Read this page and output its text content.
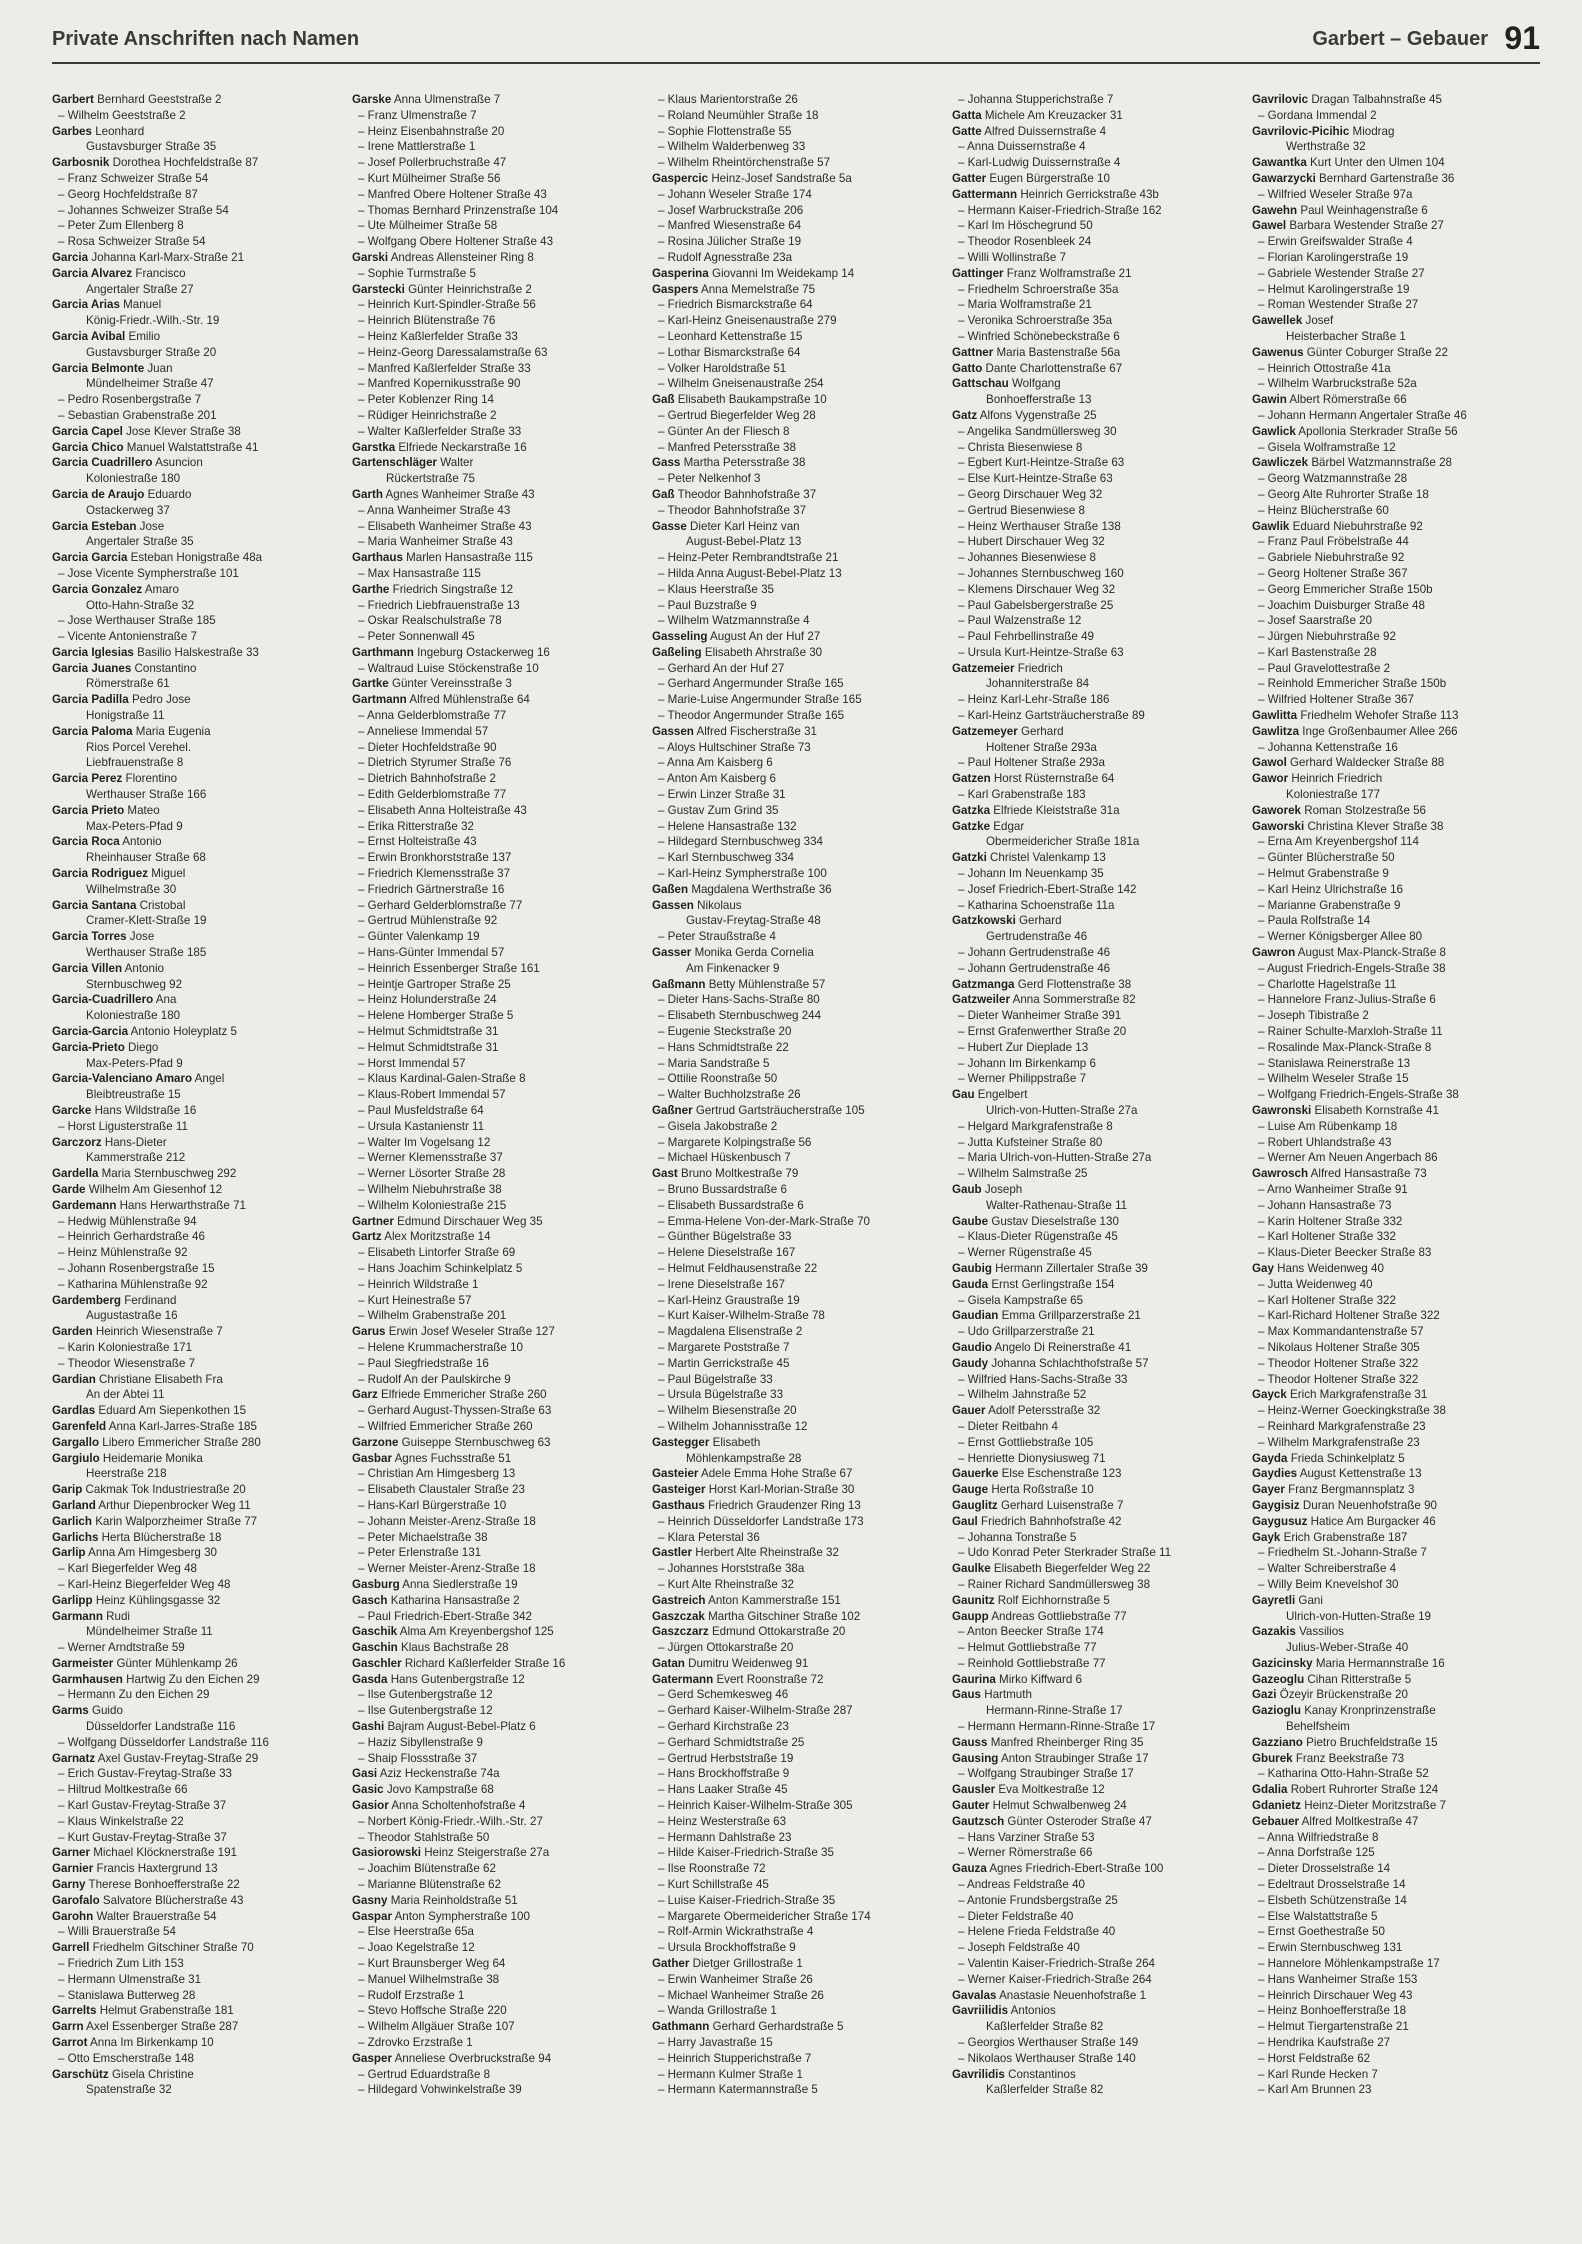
Private Anschriften nach Namen	Garbert – Gebauer 91
Garbert Bernhard Geeststraße 2
– Wilhelm Geeststraße 2
Garbes Leonhard
Gustavsburger Straße 35
Garbosnik Dorothea Hochfeldstraße 87
– Franz Schweizer Straße 54
– Georg Hochfeldstraße 87
– Johannes Schweizer Straße 54
– Peter Zum Ellenberg 8
– Rosa Schweizer Straße 54
Garcia Johanna Karl-Marx-Straße 21
Garcia Alvarez Francisco
Angertaler Straße 27
Garcia Arias Manuel
König-Friedr.-Wilh.-Str. 19
Garcia Avibal Emilio
Gustavsburger Straße 20
Garcia Belmonte Juan
Mündelheimer Straße 47
– Pedro Rosenbergstraße 7
– Sebastian Grabenstraße 201
Garcia Capel Jose Klever Straße 38
Garcia Chico Manuel Walstattstraße 41
Garcia Cuadrillero Asuncion
Koloniestraße 180
Garcia de Araujo Eduardo
Ostackerweg 37
Garcia Esteban Jose
Angertaler Straße 35
Garcia Garcia Esteban Honigstraße 48a
– Jose Vicente Sympherstraße 101
Garcia Gonzalez Amaro
Otto-Hahn-Straße 32
– Jose Werthauser Straße 185
– Vicente Antonienstraße 7
Garcia Iglesias Basilio Halskestraße 33
Garcia Juanes Constantino
Römerstraße 61
Garcia Padilla Pedro Jose
Honigstraße 11
Garcia Paloma Maria Eugenia
Rios Porcel Verehel.
Liebfrauenstraße 8
Garcia Perez Florentino
Werthauser Straße 166
Garcia Prieto Mateo
Max-Peters-Pfad 9
Garcia Roca Antonio
Rheinhauser Straße 68
Garcia Rodriguez Miguel
Wilhelmstraße 30
Garcia Santana Cristobal
Cramer-Klett-Straße 19
Garcia Torres Jose
Werthauser Straße 185
Garcia Villen Antonio
Sternbuschweg 92
Garcia-Cuadrillero Ana
Koloniestraße 180
Garcia-Garcia Antonio Holeyplatz 5
Garcia-Prieto Diego
Max-Peters-Pfad 9
Garcia-Valenciano Amaro Angel
Bleibtreustraße 15
Garcke Hans Wildstraße 16
– Horst Ligusterstraße 11
Garczorz Hans-Dieter
Kammerstraße 212
Gardella Maria Sternbuschweg 292
Garde Wilhelm Am Giesenhof 12
Gardemann Hans Herwarthstraße 71
– Hedwig Mühlenstraße 94
– Heinrich Gerhardstraße 46
– Heinz Mühlenstraße 92
– Johann Rosenbergstraße 15
– Katharina Mühlenstraße 92
Gardemberg Ferdinand
Augustastraße 16
Garden Heinrich Wiesenstraße 7
– Karin Koloniestraße 171
– Theodor Wiesenstraße 7
Gardian Christiane Elisabeth Fra
An der Abtei 11
Gardlas Eduard Am Siepenkothen 15
Garenfeld Anna Karl-Jarres-Straße 185
Gargallo Libero Emmericher Straße 280
Gargiulo Heidemarie Monika
Heerstraße 218
Garip Cakmak Tok Industriestraße 20
Garland Arthur Diepenbrocker Weg 11
Garlich Karin Walporzheimer Straße 77
Garlichs Herta Blücherstraße 18
Garlip Anna Am Himgesberg 30
– Karl Biegerfelder Weg 48
– Karl-Heinz Biegerfelder Weg 48
Garlipp Heinz Kühlingsgasse 32
Garmann Rudi
Mündelheimer Straße 11
– Werner Arndtstraße 59
Garmeister Günter Mühlenkamp 26
Garmhausen Hartwig Zu den Eichen 29
– Hermann Zu den Eichen 29
Garms Guido
Düsseldorfer Landstraße 116
– Wolfgang Düsseldorfer Landstraße 116
Garnatz Axel Gustav-Freytag-Straße 29
– Erich Gustav-Freytag-Straße 33
– Hiltrud Moltkestraße 66
– Karl Gustav-Freytag-Straße 37
– Klaus Winkelstraße 22
– Kurt Gustav-Freytag-Straße 37
Garner Michael Klöcknerstraße 191
Garnier Francis Haxtergrund 13
Garny Therese Bonhoefferstraße 22
Garofalo Salvatore Blücherstraße 43
Garohn Walter Brauerstraße 54
– Willi Brauerstraße 54
Garrell Friedhelm Gitschiner Straße 70
– Friedrich Zum Lith 153
– Hermann Ulmenstraße 31
– Stanislawa Butterweg 28
Garrelts Helmut Grabenstraße 181
Garrn Axel Essenberger Straße 287
Garrot Anna Im Birkenkamp 10
– Otto Emscherstraße 148
Garschütz Gisela Christine
Spatenstraße 32
Garske Anna Ulmenstraße 7
– Franz Ulmenstraße 7
– Heinz Eisenbahnstraße 20
– Irene Mattlerstraße 1
– Josef Pollerbruchstraße 47
– Kurt Mülheimer Straße 56
– Manfred Obere Holtener Straße 43
– Thomas Bernhard Prinzenstraße 104
– Ute Mülheimer Straße 58
– Wolfgang Obere Holtener Straße 43
Garski Andreas Allensteiner Ring 8
– Sophie Turmstraße 5
Garstecki Günter Heinrichstraße 2
– Heinrich Kurt-Spindler-Straße 56
– Heinrich Blütenstraße 76
– Heinz Kaßlerfelder Straße 33
– Heinz-Georg Daressalamstraße 63
– Manfred Kaßlerfelder Straße 33
– Manfred Kopernikusstraße 90
– Peter Koblenzer Ring 14
– Rüdiger Heinrichstraße 2
– Walter Kaßlerfelder Straße 33
Garstka Elfriede Neckarstraße 16
Gartenschläger Walter
Rückertstraße 75
Garth Agnes Wanheimer Straße 43
– Anna Wanheimer Straße 43
– Elisabeth Wanheimer Straße 43
– Maria Wanheimer Straße 43
Garthaus Marlen Hansastraße 115
– Max Hansastraße 115
Garthe Friedrich Singstraße 12
– Friedrich Liebfrauenstraße 13
– Oskar Realschulstraße 78
– Peter Sonnenwall 45
Garthmann Ingeburg Ostackerweg 16
– Waltraud Luise Stöckenstraße 10
Gartke Günter Vereinsstraße 3
Gartmann Alfred Mühlenstraße 64
– Anna Gelderblomstraße 77
– Anneliese Immendal 57
– Dieter Hochfeldstraße 90
– Dietrich Styrumer Straße 76
– Dietrich Bahnhofstraße 2
– Edith Gelderblomstraße 77
– Elisabeth Anna Holteistraße 43
– Erika Ritterstraße 32
– Ernst Holteistraße 43
– Erwin Bronkhorststraße 137
– Friedrich Klemensstraße 37
– Friedrich Gärtnerstraße 16
– Gerhard Gelderblomstraße 77
– Gertrud Mühlenstraße 92
– Günter Valenkamp 19
– Hans-Günter Immendal 57
– Heinrich Essenberger Straße 161
– Heintje Gartroper Straße 25
– Heinz Holunderstraße 24
– Helene Homberger Straße 5
– Helmut Schmidtstraße 31
– Helmut Schmidtstraße 31
– Horst Immendal 57
– Klaus Kardinal-Galen-Straße 8
– Klaus-Robert Immendal 57
– Paul Musfeldstraße 64
– Ursula Kastanienstr 11
– Walter Im Vogelsang 12
– Werner Klemensstraße 37
– Werner Lösorter Straße 28
– Wilhelm Niebuhrstraße 38
– Wilhelm Koloniestraße 215
Gartner Edmund Dirschauer Weg 35
Gartz Alex Moritzstraße 14
– Elisabeth Lintorfer Straße 69
– Hans Joachim Schinkelplatz 5
– Heinrich Wildstraße 1
– Kurt Heinestraße 57
– Wilhelm Grabenstraße 201
Garus Erwin Josef Weseler Straße 127
– Helene Krummacherstraße 10
– Paul Siegfriedstraße 16
– Rudolf An der Paulskirche 9
Garz Elfriede Emmericher Straße 260
– Gerhard August-Thyssen-Straße 63
– Wilfried Emmericher Straße 260
Garzone Guiseppe Sternbuschweg 63
Gasbar Agnes Fuchsstraße 51
– Christian Am Himgesberg 13
– Elisabeth Claustaler Straße 23
– Hans-Karl Bürgerstraße 10
– Johann Meister-Arenz-Straße 18
– Peter Michaelstraße 38
– Peter Erlenstraße 131
– Werner Meister-Arenz-Straße 18
Gasburg Anna Siedlerstraße 19
Gasch Katharina Hansastraße 2
– Paul Friedrich-Ebert-Straße 342
Gaschik Alma Am Kreyenbergshof 125
Gaschin Klaus Bachstraße 28
Gaschler Richard Kaßlerfelder Straße 16
Gasda Hans Gutenbergstraße 12
– Ilse Gutenbergstraße 12
– Ilse Gutenbergstraße 12
Gashi Bajram August-Bebel-Platz 6
– Haziz Sibyllenstraße 9
– Shaip Flossstraße 37
Gasi Aziz Heckenstraße 74a
Gasic Jovo Kampstraße 68
Gasior Anna Scholtenhofstraße 4
– Norbert König-Friedr.-Wilh.-Str. 27
– Theodor Stahlstraße 50
Gasiorowski Heinz Steigerstraße 27a
– Joachim Blütenstraße 62
– Marianne Blütenstraße 62
Gasny Maria Reinholdstraße 51
Gaspar Anton Sympherstraße 100
– Else Heerstraße 65a
– Joao Kegelstraße 12
– Kurt Braunsberger Weg 64
– Manuel Wilhelmstraße 38
– Rudolf Erzstraße 1
– Stevo Hoffsche Straße 220
– Wilhelm Allgäuer Straße 107
– Zdrovko Erzstraße 1
Gasper Anneliese Overbruckstraße 94
– Gertrud Eduardstraße 8
– Hildegard Vohwinkelstraße 39
– Klaus Marientorstraße 26
– Roland Neumühler Straße 18
– Sophie Flottenstraße 55
– Wilhelm Walderbenweg 33
– Wilhelm Rheintörchenstraße 57
Gaspercic Heinz-Josef Sandstraße 5a
– Johann Weseler Straße 174
– Josef Warbruckstraße 206
– Manfred Wiesenstraße 64
– Rosina Jülicher Straße 19
– Rudolf Agnesstraße 23a
Gasperina Giovanni Im Weidekamp 14
Gaspers Anna Memelstraße 75
– Friedrich Bismarckstraße 64
– Karl-Heinz Gneisenaustraße 279
– Leonhard Kettenstraße 15
– Lothar Bismarckstraße 64
– Volker Haroldstraße 51
– Wilhelm Gneisenaustraße 254
Gaß Elisabeth Baukampstraße 10
– Gertrud Biegerfelder Weg 28
– Günter An der Fliesch 8
– Manfred Petersstraße 38
Gass Martha Petersstraße 38
– Peter Nelkenhof 3
Gaß Theodor Bahnhofstraße 37
– Theodor Bahnhofstraße 37
Gasse Dieter Karl Heinz van
August-Bebel-Platz 13
– Heinz-Peter Rembrandtstraße 21
– Hilda Anna August-Bebel-Platz 13
– Klaus Heerstraße 35
– Paul Buzstraße 9
– Wilhelm Watzmannstraße 4
Gasseling August An der Huf 27
Gaßeling Elisabeth Ahrstraße 30
– Gerhard An der Huf 27
– Gerhard Angermunder Straße 165
– Marie-Luise Angermunder Straße 165
– Theodor Angermunder Straße 165
Gassen Alfred Fischerstraße 31
– Aloys Hultschiner Straße 73
– Anna Am Kaisberg 6
– Anton Am Kaisberg 6
– Erwin Linzer Straße 31
– Gustav Zum Grind 35
– Helene Hansastraße 132
– Hildegard Sternbuschweg 334
– Karl Sternbuschweg 334
– Karl-Heinz Sympherstraße 100
Gaßen Magdalena Werthstraße 36
Gassen Nikolaus
Gustav-Freytag-Straße 48
– Peter Straußstraße 4
Gasser Monika Gerda Cornelia
Am Finkenacker 9
Gaßmann Betty Mühlenstraße 57
– Dieter Hans-Sachs-Straße 80
– Elisabeth Sternbuschweg 244
– Eugenie Steckstraße 20
– Hans Schmidtstraße 22
– Maria Sandstraße 5
– Ottilie Roonstraße 50
– Walter Buchholzstraße 26
Gaßner Gertrud Gartsträucherstraße 105
– Gisela Jakobstraße 2
– Margarete Kolpingstraße 56
– Michael Hüskenbusch 7
Gast Bruno Moltkestraße 79
– Bruno Bussardstraße 6
– Elisabeth Bussardstraße 6
– Emma-Helene Von-der-Mark-Straße 70
– Günther Bügelstraße 33
– Helene Dieselstraße 167
– Helmut Feldhausenstraße 22
– Irene Dieselstraße 167
– Karl-Heinz Graustraße 19
– Kurt Kaiser-Wilhelm-Straße 78
– Magdalena Elisenstraße 2
– Margarete Poststraße 7
– Martin Gerrickstraße 45
– Paul Bügelstraße 33
– Ursula Bügelstraße 33
– Wilhelm Biesenstraße 20
– Wilhelm Johannisstraße 12
Gastegger Elisabeth
Möhlenkampstraße 28
Gasteier Adele Emma Hohe Straße 67
Gasteiger Horst Karl-Morian-Straße 30
Gasthaus Friedrich Graudenzer Ring 13
– Heinrich Düsseldorfer Landstraße 173
– Klara Peterstal 36
Gastler Herbert Alte Rheinstraße 32
– Johannes Horststraße 38a
– Kurt Alte Rheinstraße 32
Gastreich Anton Kammerstraße 151
Gaszczak Martha Gitschiner Straße 102
Gaszczarz Edmund Ottokarstraße 20
– Jürgen Ottokarstraße 20
Gatan Dumitru Weidenweg 91
Gatermann Evert Roonstraße 72
– Gerd Schemkesweg 46
– Gerhard Kaiser-Wilhelm-Straße 287
– Gerhard Kirchstraße 23
– Gerhard Schmidtstraße 25
– Gertrud Herbststraße 19
– Hans Brockhoffstraße 9
– Hans Laaker Straße 45
– Heinrich Kaiser-Wilhelm-Straße 305
– Heinz Westerstraße 63
– Hermann Dahlstraße 23
– Hilde Kaiser-Friedrich-Straße 35
– Ilse Roonstraße 72
– Kurt Schillstraße 45
– Luise Kaiser-Friedrich-Straße 35
– Margarete Obermeidericher Straße 174
– Rolf-Armin Wickrathstraße 4
– Ursula Brockhoffstraße 9
Gather Dietger Grillostraße 1
– Erwin Wanheimer Straße 26
– Michael Wanheimer Straße 26
– Wanda Grillostraße 1
Gathmann Gerhard Gerhardstraße 5
– Harry Javastraße 15
– Heinrich Stupperichstraße 7
– Hermann Kulmer Straße 1
– Hermann Katermannstraße 5
– Johanna Stupperichstraße 7
Gatta Michele Am Kreuzacker 31
Gatte Alfred Duissernstraße 4
– Anna Duissernstraße 4
– Karl-Ludwig Duissernstraße 4
Gatter Eugen Bürgerstraße 10
Gattermann Heinrich Gerrickstraße 43b
– Hermann Kaiser-Friedrich-Straße 162
– Karl Im Höschegrund 50
– Theodor Rosenbleek 24
– Willi Wollinstraße 7
Gattinger Franz Wolframstraße 21
– Friedhelm Schroerstraße 35a
– Maria Wolframstraße 21
– Veronika Schroerstraße 35a
– Winfried Schönebeckstraße 6
Gattner Maria Bastenstraße 56a
Gatto Dante Charlottenstraße 67
Gattschau Wolfgang
Bonhoefferstraße 13
Gatz Alfons Vygenstraße 25
– Angelika Sandmüllersweg 30
– Christa Biesenwiese 8
– Egbert Kurt-Heintze-Straße 63
– Else Kurt-Heintze-Straße 63
– Georg Dirschauer Weg 32
– Gertrud Biesenwiese 8
– Heinz Werthauser Straße 138
– Hubert Dirschauer Weg 32
– Johannes Biesenwiese 8
– Johannes Sternbuschweg 160
– Klemens Dirschauer Weg 32
– Paul Gabelsbergerstraße 25
– Paul Walzenstraße 12
– Paul Fehrbellinstraße 49
– Ursula Kurt-Heintze-Straße 63
Gatzemeier Friedrich
Johanniterstraße 84
– Heinz Karl-Lehr-Straße 186
– Karl-Heinz Gartsträucherstraße 89
Gatzemeyer Gerhard
Holtener Straße 293a
– Paul Holtener Straße 293a
Gatzen Horst Rüsternstraße 64
– Karl Grabenstraße 183
Gatzka Elfriede Kleiststraße 31a
Gatzke Edgar
Obermeidericher Straße 181a
Gatzki Christel Valenkamp 13
– Johann Im Neuenkamp 35
– Josef Friedrich-Ebert-Straße 142
– Katharina Schoenstraße 11a
Gatzkowski Gerhard
Gertrudenstraße 46
– Johann Gertrudenstraße 46
– Johann Gertrudenstraße 46
Gatzmanga Gerd Flottenstraße 38
Gatzweiler Anna Sommerstraße 82
– Dieter Wanheimer Straße 391
– Ernst Grafenwerther Straße 20
– Hubert Zur Dieplade 13
– Johann Im Birkenkamp 6
– Werner Philippstraße 7
Gau Engelbert
Ulrich-von-Hutten-Straße 27a
– Helgard Markgrafenstraße 8
– Jutta Kufsteiner Straße 80
– Maria Ulrich-von-Hutten-Straße 27a
– Wilhelm Salmstraße 25
Gaub Joseph
Walter-Rathenau-Straße 11
Gaube Gustav Dieselstraße 130
– Klaus-Dieter Rügenstraße 45
– Werner Rügenstraße 45
Gaubig Hermann Zillertaler Straße 39
Gauda Ernst Gerlingstraße 154
– Gisela Kampstraße 65
Gaudian Emma Grillparzerstraße 21
– Udo Grillparzerstraße 21
Gaudio Angelo Di Reinerstraße 41
Gaudy Johanna Schlachthofstraße 57
– Wilfried Hans-Sachs-Straße 33
– Wilhelm Jahnstraße 52
Gauer Adolf Petersstraße 32
– Dieter Reitbahn 4
– Ernst Gottliebstraße 105
– Henriette Dionysiusweg 71
Gauerke Else Eschenstraße 123
Gauge Herta Roßstraße 10
Gauglitz Gerhard Luisenstraße 7
Gaul Friedrich Bahnhofstraße 42
– Johanna Tonstraße 5
– Udo Konrad Peter Sterkrader Straße 11
Gaulke Elisabeth Biegerfelder Weg 22
– Rainer Richard Sandmüllersweg 38
Gaunitz Rolf Eichhornstraße 5
Gaupp Andreas Gottliebstraße 77
– Anton Beecker Straße 174
– Helmut Gottliebstraße 77
– Reinhold Gottliebstraße 77
Gaurina Mirko Kiffward 6
Gaus Hartmuth
Hermann-Rinne-Straße 17
– Hermann Hermann-Rinne-Straße 17
Gauss Manfred Rheinberger Ring 35
Gausing Anton Straubinger Straße 17
– Wolfgang Straubinger Straße 17
Gausler Eva Moltkestraße 12
Gauter Helmut Schwalbenweg 24
Gautzsch Günter Osteroder Straße 47
– Hans Varziner Straße 53
– Werner Römerstraße 66
Gauza Agnes Friedrich-Ebert-Straße 100
– Andreas Feldstraße 40
– Antonie Frundsbergstraße 25
– Dieter Feldstraße 40
– Helene Frieda Feldstraße 40
– Joseph Feldstraße 40
– Valentin Kaiser-Friedrich-Straße 264
– Werner Kaiser-Friedrich-Straße 264
Gavalas Anastasie Neuenhofstraße 1
Gavriilidis Antonios
Kaßlerfelder Straße 82
– Georgios Werthauser Straße 149
– Nikolaos Werthauser Straße 140
Gavrilidis Constantinos
Kaßlerfelder Straße 82
Gavrilovic Dragan Talbahnstraße 45
– Gordana Immendal 2
Gavrilovic-Picihic Miodrag
Werthstraße 32
Gawantka Kurt Unter den Ulmen 104
Gawarzycki Bernhard Gartenstraße 36
– Wilfried Weseler Straße 97a
Gawehn Paul Weinhagenstraße 6
Gawel Barbara Westender Straße 27
– Erwin Greifswalder Straße 4
– Florian Karolingerstraße 19
– Gabriele Westender Straße 27
– Helmut Karolingerstraße 19
– Roman Westender Straße 27
Gawellek Josef
Heisterbacher Straße 1
Gawenus Günter Coburger Straße 22
– Heinrich Ottostraße 41a
– Wilhelm Warbruckstraße 52a
Gawin Albert Römerstraße 66
– Johann Hermann Angertaler Straße 46
Gawlick Apollonia Sterkrader Straße 56
– Gisela Wolframstraße 12
Gawliczek Bärbel Watzmannstraße 28
– Georg Watzmannstraße 28
– Georg Alte Ruhrorter Straße 18
– Heinz Blücherstraße 60
Gawlik Eduard Niebuhrstraße 92
– Franz Paul Fröbelstraße 44
– Gabriele Niebuhrstraße 92
– Georg Holtener Straße 367
– Georg Emmericher Straße 150b
– Joachim Duisburger Straße 48
– Josef Saarstraße 20
– Jürgen Niebuhrstraße 92
– Karl Bastenstraße 28
– Paul Gravelottestraße 2
– Reinhold Emmericher Straße 150b
– Wilfried Holtener Straße 367
Gawlitta Friedhelm Wehofer Straße 113
Gawlitza Inge Großenbaumer Allee 266
– Johanna Kettenstraße 16
Gawol Gerhard Waldecker Straße 88
Gawor Heinrich Friedrich
Koloniestraße 177
Gaworek Roman Stolzestraße 56
Gaworski Christina Klever Straße 38
– Erna Am Kreyenbergshof 114
– Günter Blücherstraße 50
– Helmut Grabenstraße 9
– Karl Heinz Ulrichstraße 16
– Marianne Grabenstraße 9
– Paula Rolfstraße 14
– Werner Königsberger Allee 80
Gawron August Max-Planck-Straße 8
– August Friedrich-Engels-Straße 38
– Charlotte Hagelstraße 11
– Hannelore Franz-Julius-Straße 6
– Joseph Tibistraße 2
– Rainer Schulte-Marxloh-Straße 11
– Rosalinde Max-Planck-Straße 8
– Stanislawa Reinerstraße 13
– Wilhelm Weseler Straße 15
– Wolfgang Friedrich-Engels-Straße 38
Gawronski Elisabeth Kornstraße 41
– Luise Am Rübenkamp 18
– Robert Uhlandstraße 43
– Werner Am Neuen Angerbach 86
Gawrosch Alfred Hansastraße 73
– Arno Wanheimer Straße 91
– Johann Hansastraße 73
– Karin Holtener Straße 332
– Karl Holtener Straße 332
– Klaus-Dieter Beecker Straße 83
Gay Hans Weidenweg 40
– Jutta Weidenweg 40
– Karl Holtener Straße 322
– Karl-Richard Holtener Straße 322
– Max Kommandantenstraße 57
– Nikolaus Holtener Straße 305
– Theodor Holtener Straße 322
– Theodor Holtener Straße 322
Gayck Erich Markgrafenstraße 31
– Heinz-Werner Goeckingkstraße 38
– Reinhard Markgrafenstraße 23
– Wilhelm Markgrafenstraße 23
Gayda Frieda Schinkelplatz 5
Gaydies August Kettenstraße 13
Gayer Franz Bergmannsplatz 3
Gaygisiz Duran Neuenhofstraße 90
Gaygusuz Hatice Am Burgacker 46
Gayk Erich Grabenstraße 187
– Friedhelm St.-Johann-Straße 7
– Walter Schreiberstraße 4
– Willy Beim Knevelshof 30
Gayretli Gani
Ulrich-von-Hutten-Straße 19
Gazakis Vassilios
Julius-Weber-Straße 40
Gazicinsky Maria Hermannstraße 16
Gazeoglu Cihan Ritterstraße 5
Gazi Özeyir Brückenstraße 20
Gazioglu Kanay Kronprinzenstraße
Behelfsheim
Gazziano Pietro Bruchfeldstraße 15
Gburek Franz Beekstraße 73
– Katharina Otto-Hahn-Straße 52
Gdalia Robert Ruhrorter Straße 124
Gdanietz Heinz-Dieter Moritzstraße 7
Gebauer Alfred Moltkestraße 47
– Anna Wilfriedstraße 8
– Anna Dorfstraße 125
– Dieter Drosselstraße 14
– Edeltraut Drosselstraße 14
– Elsbeth Schützenstraße 14
– Else Walstattstraße 5
– Ernst Goethestraße 50
– Erwin Sternbuschweg 131
– Hannelore Möhlenkampstraße 17
– Hans Wanheimer Straße 153
– Heinrich Dirschauer Weg 43
– Heinz Bonhoefferstraße 18
– Helmut Tiergartenstraße 21
– Hendrika Kaufstraße 27
– Horst Feldstraße 62
– Karl Runde Hecken 7
– Karl Am Brunnen 23
